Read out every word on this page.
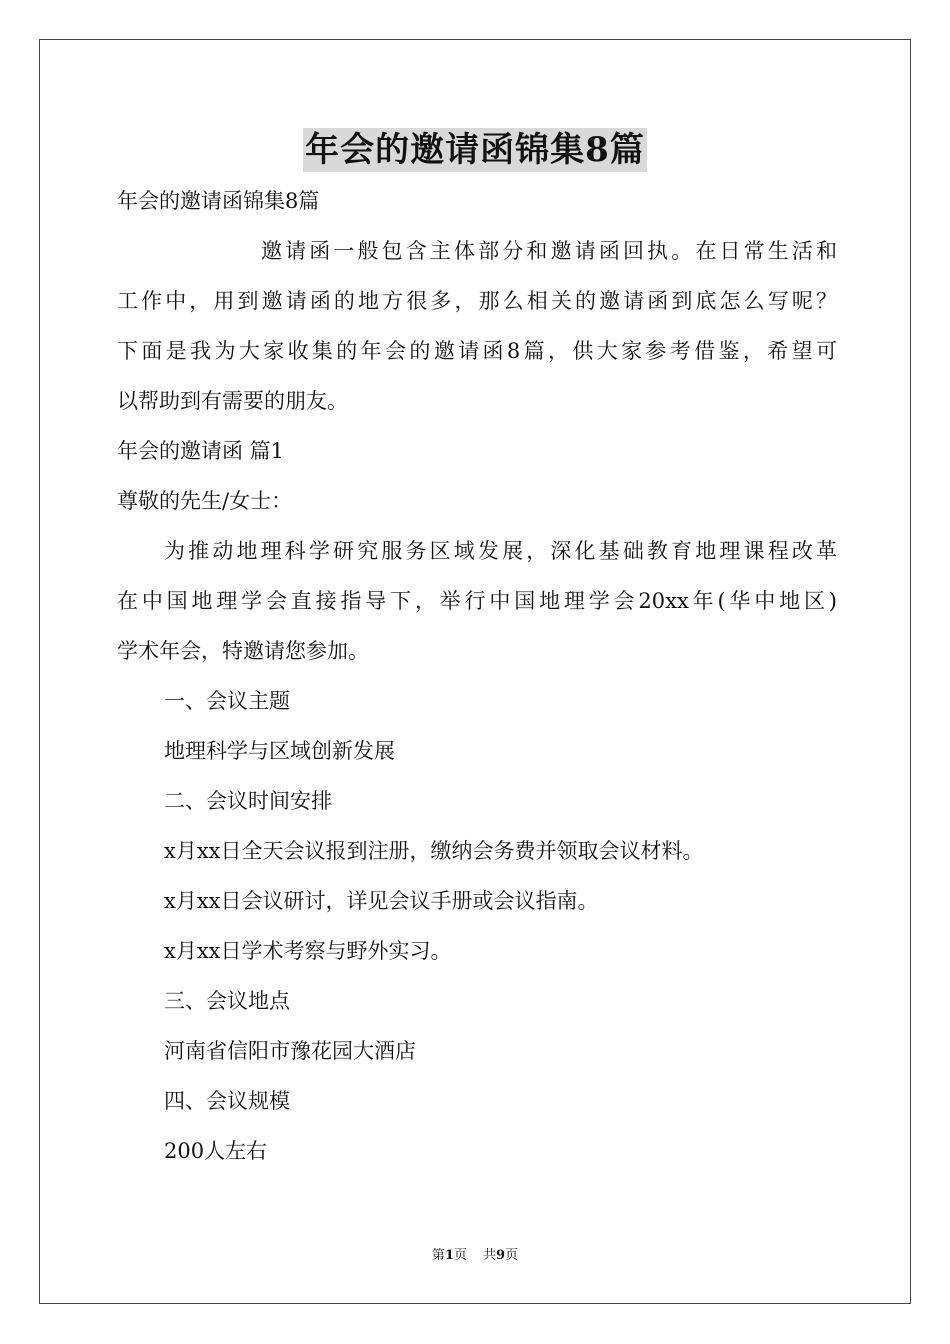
年会的邀请函锦集8篇
年会的邀请函锦集8篇
邀请函一般包含主体部分和邀请函回执。在日常生活和
工作中，用到邀请函的地方很多，那么相关的邀请函到底怎么写呢？
下面是我为大家收集的年会的邀请函8篇，供大家参考借鉴，希望可
以帮助到有需要的朋友。
年会的邀请函 篇1
尊敬的先生/女士：
为推动地理科学研究服务区域发展，深化基础教育地理课程改革
在中国地理学会直接指导下，举行中国地理学会20xx年(华中地区)
学术年会，特邀请您参加。
一、会议主题
地理科学与区域创新发展
二、会议时间安排
x月xx日全天会议报到注册，缴纳会务费并领取会议材料。
x月xx日会议研讨，详见会议手册或会议指南。
x月xx日学术考察与野外实习。
三、会议地点
河南省信阳市豫花园大酒店
四、会议规模
200人左右
第1页 共9页
